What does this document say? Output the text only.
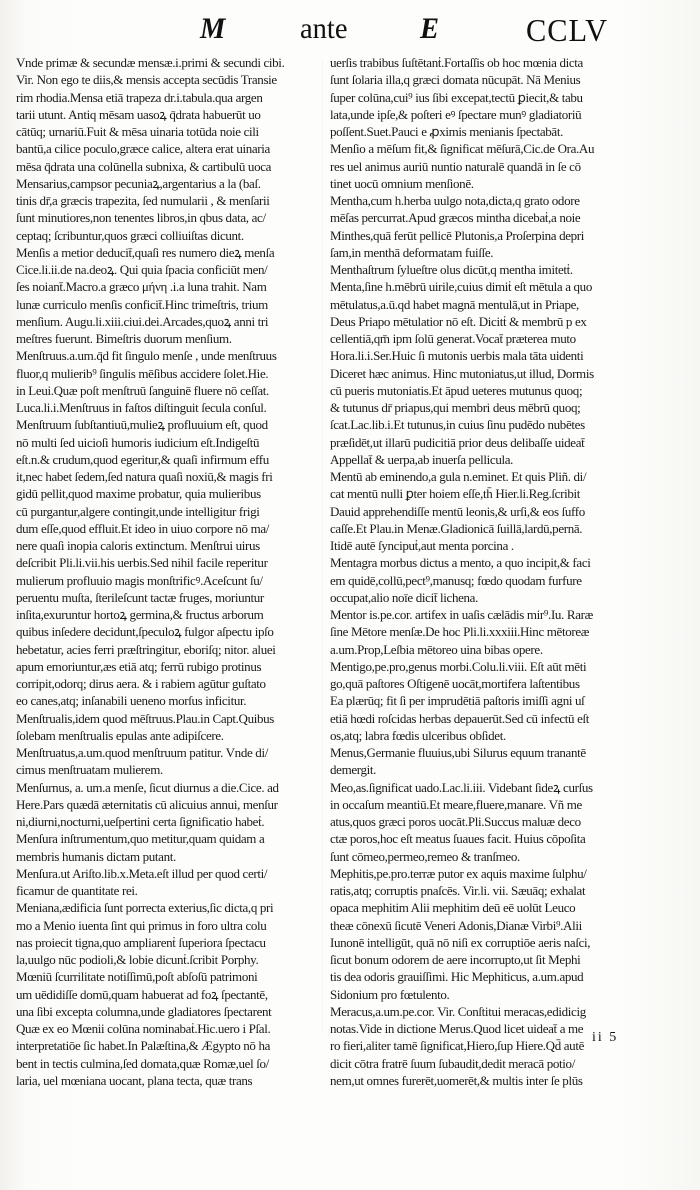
M ante E	CCLV
Vnde primæ & secundæ mensæ.i.primi & secundi cibi.
Vir. Non ego te diis,& mensis accepta secūdis Transie
rim rhodia.Mensa etiā trapeza dr.i.tabula.qua argen
tarii utunt. Antiq mēsam uasoꝝ q̄drata habuerūt uo
cātūq; urnariū.Fuit & mēsa uinaria totūda noie cili
bantū,a cilice poculo,græce calice, altera erat uinaria
mēsa q̄drata una colūnella subnixa, & cartibulū uoca
Mensarius,campsor pecuniaꝝ,argentarius a la (baſ.
tinis dr̄,a græcis trapezita, ſed numularii , & menſarii
ſunt minutiores,non tenentes libros,in qbus data, ac/
ceptaq; ſcribuntur,quos græci colliuiſtas dicunt.
Menſis a metior deducit̄,quaſi res numero dieꝝ menſa
Cice.li.ii.de na.deoꝝ. Qui quia ſpacia conficiūt men/
ſes noiant̄.Macro.a græco μήνη .i.a luna trahit. Nam
lunæ curriculo menſis conficit̄.Hinc trimeſtris, trium
menſium. Augu.li.xiii.ciui.dei.Arcades,quoꝝ anni tri
meſtres fuerunt. Bimeſtris duorum menſium.
Menſtruus.a.um.q̄d fit ſingulo menſe , unde menſtruus
fluor,q mulierib⁹ ſingulis mēſibus accidere ſolet.Hie.
in Leui.Quæ poſt menſtruū ſanguinē fluere nō ceſſat.
Luca.li.i.Menſtruus in faſtos diſtinguit ſecula conſul.
Menſtruum ſubſtantiuū,mulieꝝ profluuium eſt, quod
nō multi ſed uicioſi humoris iudicium eſt.Indigeſtū
eſt.n.& crudum,quod egeritur,& quaſi infirmum effu
it,nec habet ſedem,ſed natura quaſi noxiū,& magis fri
gidū pellit,quod maxime probatur, quia mulieribus
cū purgantur,algere contingit,unde intelligitur frigi
dum eſſe,quod effluit.Et ideo in uiuo corpore nō ma/
nere quaſi inopia caloris extinctum. Menſtrui uirus
deſcribit Pli.li.vii.his uerbis.Sed nihil facile reperitur
mulierum profluuio magis monſtrificꝰ.Aceſcunt ſu/
peruentu muſta, ſterileſcunt tactæ fruges, moriuntur
inſita,exuruntur hortoꝝ germina,& fructus arborum
quibus inſedere decidunt,ſpeculoꝝ fulgor aſpectu ipſo
hebetatur, acies ferri præſtringitur, eboriſq; nitor. aluei
apum emoriuntur,æs etiā atq; ferrū rubigo protinus
corripit,odorq; dirus aera. & i rabiem agūtur guſtato
eo canes,atq; inſanabili ueneno morſus inficitur.
Menſtrualis,idem quod mēſtruus.Plau.in Capt.Quibus
ſolebam menſtrualis epulas ante adipiſcere.
Menſtruatus,a.um.quod menſtruum patitur. Vnde di/
cimus menſtruatam mulierem.
Menſurnus, a. um.a menſe, ſicut diurnus a die.Cice. ad
Here.Pars quædā æternitatis cū alicuius annui, menſur
ni,diurni,nocturni,ueſpertini certa ſignificatio habeṫ.
Menſura inſtrumentum,quo metitur,quam quidam a
membris humanis dictam putant.
Menſura.ut Ariſto.lib.x.Meta.eſt illud per quod certi/
ficamur de quantitate rei.
Meniana,ædificia ſunt porrecta exterius,ſic dicta,q pri
mo a Menio iuenta ſint qui primus in foro ultra colu
nas proiecit tigna,quo ampliarenṫ ſuperiora ſpectacu
la,uulgo nūc podioli,& lobie dicunṫ.ſcribit Porphy.
Mœniū ſcurrilitate notiſſimū,poſt abſoſū patrimoni
um uēdidiſſe domū,quam habuerat ad foꝝ ſpectantē,
una ſibi excepta columna,unde gladiatores ſpectarent
Quæ ex eo Mœnii colūna nominabaṫ.Hic.uero i Pſal.
interpretatiōe ſic habet.In Palæſtina,& Ægypto nō ha
bent in tectis culmina,ſed domata,quæ Romæ,uel ſo/
laria, uel mœniana uocant, plana tecta, quæ trans
uerſis trabibus ſuſtētanṫ.Fortaſſis ob hoc mœnia dicta
ſunt ſolaria illa,q græci domata nūcupāt. Nā Menius
ſuper colūna,cui⁹ ius ſibi excepat,tectū ꝑiecit,& tabu
lata,unde ipſe,& poſteri eꝰ ſpectare munꝰ gladiatoriū
poſſent.Suet.Pauci e ꝓximis menianis ſpectabāt.
Menſio a mēſum fit,& ſignificat mēſurā,Cic.de Ora.Au
res uel animus auriū nuntio naturalē quandā in ſe cō
tinet uocū omnium menſionē.
Mentha,cum h.herba uulgo nota,dicta,q grato odore
mēſas percurrat.Apud græcos mintha dicebaṫ,a noie
Minthes,quā ferūt pellicē Plutonis,a Proſerpina depri
ſam,in menthā deformatam fuiſſe.
Menthaſtrum ſylueſtre olus dicūt,q mentha imitetṫ.
Menta,ſine h.mēbrū uirile,cuius dimiṫ eſt mētula a quo
mētulatus,a.ū.qd habet magnā mentulā,ut in Priape,
Deus Priapo mētulatior nō eſt. Dicitṫ & membrū p ex
cellentiā,qm̄ ipm ſolū generat.Vocat̄ præterea muto
Hora.li.i.Ser.Huic ſi mutonis uerbis mala tāta uidenti
Diceret hæc animus. Hinc mutoniatus,ut illud, Dormis
cū pueris mutoniatis.Et āpud ueteres mutunus quoq;
& tutunus dr̄ priapus,qui membri deus mēbrū quoq;
ſcat.Lac.lib.i.Et tutunus,in cuius ſinu pudēdo nubētes
præſidēt,ut illarū pudicitiā prior deus delibaſſe uideat̄
Appellat̄ & uerpa,ab inuerſa pellicula.
Mentū ab eminendo,a gula n.eminet. Et quis Pliñ. di/
cat mentū nulli ꝑter hoiem eſſe,th̄ Hier.li.Reg.ſcribit
Dauid apprehendiſſe mentū leonis,& urſi,& eos ſuffo
caſſe.Et Plau.in Menæ.Gladionicā ſuillā,lardū,pernā.
Itidē autē ſyncipuṫ,aut menta porcina .
Mentagra morbus dictus a mento, a quo incipit,& faci
em quidē,collū,pect⁹,manusq; fœdo quodam furfure
occupat,alio noīe dicit̄ lichena.
Mentor is.pe.cor. artifex in uaſis cælādis mir⁹.Iu. Raræ
ſine Mētore menſæ.De hoc Pli.li.xxxiii.Hinc mētoreæ
a.um.Prop,Leſbia mētoreo uina bibas opere.
Mentigo,pe.pro,genus morbi.Colu.li.viii. Eſt aūt mēti
go,quā paſtores Oſtigenē uocāt,mortifera laſtentibus
Ea plærūq; fit ſi per imprudētiā paſtoris imiſſi agni uſ
etiā hœdi roſcidas herbas depauerūt.Sed cū infectū eſt
os,atq; labra fœdis ulceribus obſidet.
Menus,Germanie fluuius,ubi Silurus equum tranantē
demergit.
Meo,as.ſignificat uado.Lac.li.iii. Videbant ſideꝝ curſus
in occaſum meantiū.Et meare,fluere,manare. Vñ me
atus,quos græci poros uocāt.Pli.Succus maluæ deco
ctæ poros,hoc eſt meatus ſuaues facit. Huius cōpoſita
ſunt cōmeo,permeo,remeo & tranſmeo.
Mephitis,pe.pro.terræ putor ex aquis maxime ſulphu/
ratis,atq; corruptis pnaſcēs. Vir.li. vii. Sæuāq; exhalat
opaca mephitim Alii mephitim deū eē uolūt Leuco
theæ cōnexū ſicutē Veneri Adonis,Dianæ Virbi⁹.Alii
Iunonē intelligūt, quā nō niſi ex corruptiōe aeris naſci,
ſicut bonum odorem de aere incorrupto,ut ſit Mephi
tis dea odoris grauiſſimi. Hic Mephiticus, a.um.apud
Sidonium pro fœtulento.
Meracus,a.um.pe.cor. Vir. Conſtitui meracas,edidicig
notas.Vide in dictione Merus.Quod licet uideat̄ a me
ro fieri,aliter tamē ſignificat,Hiero,ſup Hiere.Qd̄ autē
dicit cōtra fratrē ſuum ſubaudit,dedit meracā potio/
nem,ut omnes furerēt,uomerēt,& multis inter ſe plūs
ii 5
